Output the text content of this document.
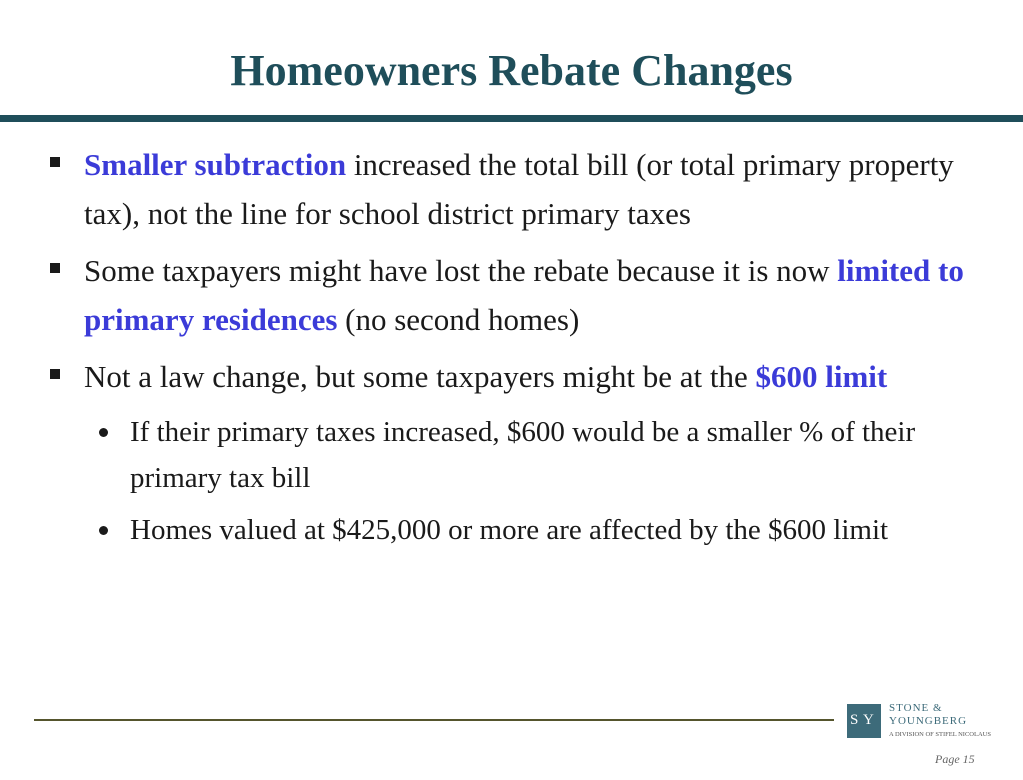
Homeowners Rebate Changes
Smaller subtraction increased the total bill (or total primary property tax), not the line for school district primary taxes
Some taxpayers might have lost the rebate because it is now limited to primary residences (no second homes)
Not a law change, but some taxpayers might be at the $600 limit
If their primary taxes increased, $600 would be a smaller % of their primary tax bill
Homes valued at $425,000 or more are affected by the $600 limit
S Y
STONE &
YOUNGBERG
A DIVISION OF STIFEL NICOLAUS
Page 15
